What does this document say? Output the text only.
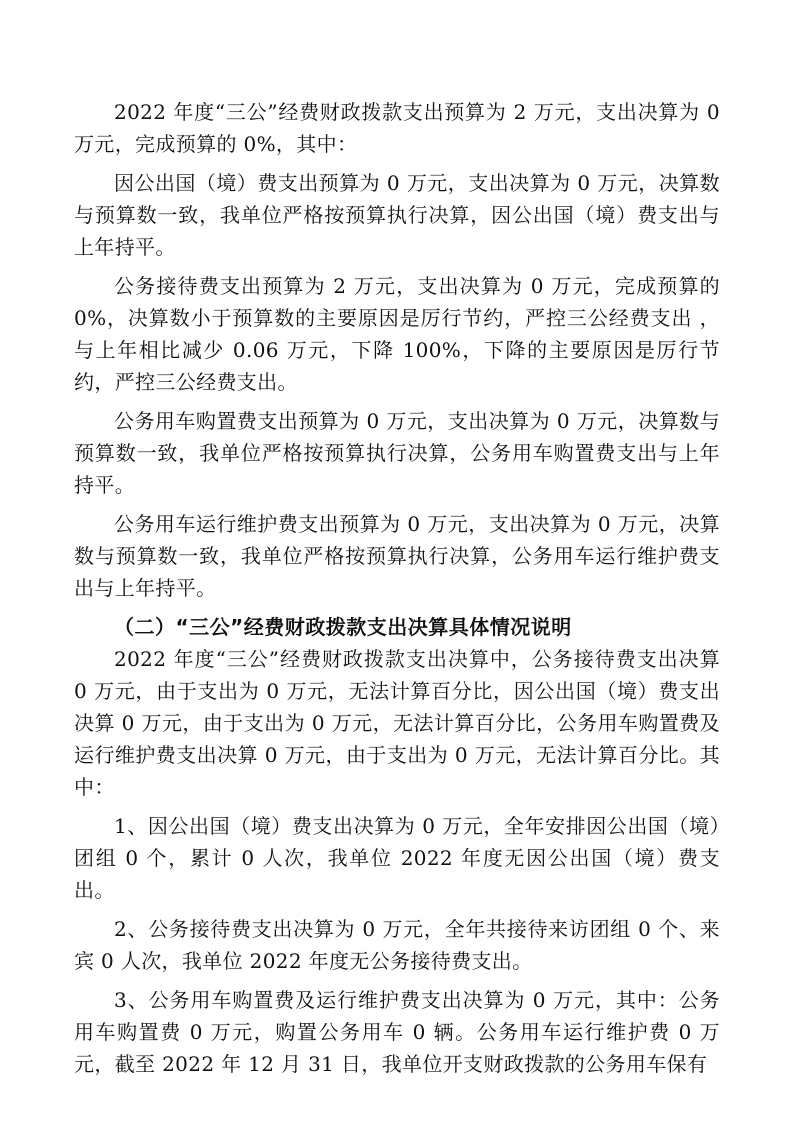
2022 年度“三公”经费财政拨款支出预算为 2 万元，支出决算为 0 万元，完成预算的 0%，其中：

因公出国（境）费支出预算为 0 万元，支出决算为 0 万元，决算数与预算数一致，我单位严格按预算执行决算，因公出国（境）费支出与上年持平。

公务接待费支出预算为 2 万元，支出决算为 0 万元，完成预算的 0%，决算数小于预算数的主要原因是厉行节约，严控三公经费支出 ，与上年相比减少 0.06 万元，下降 100%，下降的主要原因是厉行节约，严控三公经费支出。

公务用车购置费支出预算为 0 万元，支出决算为 0 万元，决算数与预算数一致，我单位严格按预算执行决算，公务用车购置费支出与上年持平。

公务用车运行维护费支出预算为 0 万元，支出决算为 0 万元，决算数与预算数一致，我单位严格按预算执行决算，公务用车运行维护费支出与上年持平。

（二）“三公”经费财政拨款支出决算具体情况说明

2022 年度“三公”经费财政拨款支出决算中，公务接待费支出决算 0 万元，由于支出为 0 万元，无法计算百分比，因公出国（境）费支出决算 0 万元，由于支出为 0 万元，无法计算百分比，公务用车购置费及运行维护费支出决算 0 万元，由于支出为 0 万元，无法计算百分比。其中：

1、因公出国（境）费支出决算为 0 万元，全年安排因公出国（境）团组 0 个，累计 0 人次，我单位 2022 年度无因公出国（境）费支出。

2、公务接待费支出决算为 0 万元，全年共接待来访团组 0 个、来宾 0 人次，我单位 2022 年度无公务接待费支出。

3、公务用车购置费及运行维护费支出决算为 0 万元，其中：公务用车购置费 0 万元，购置公务用车 0 辆。公务用车运行维护费 0 万元，截至 2022 年 12 月 31 日，我单位开支财政拨款的公务用车保有
